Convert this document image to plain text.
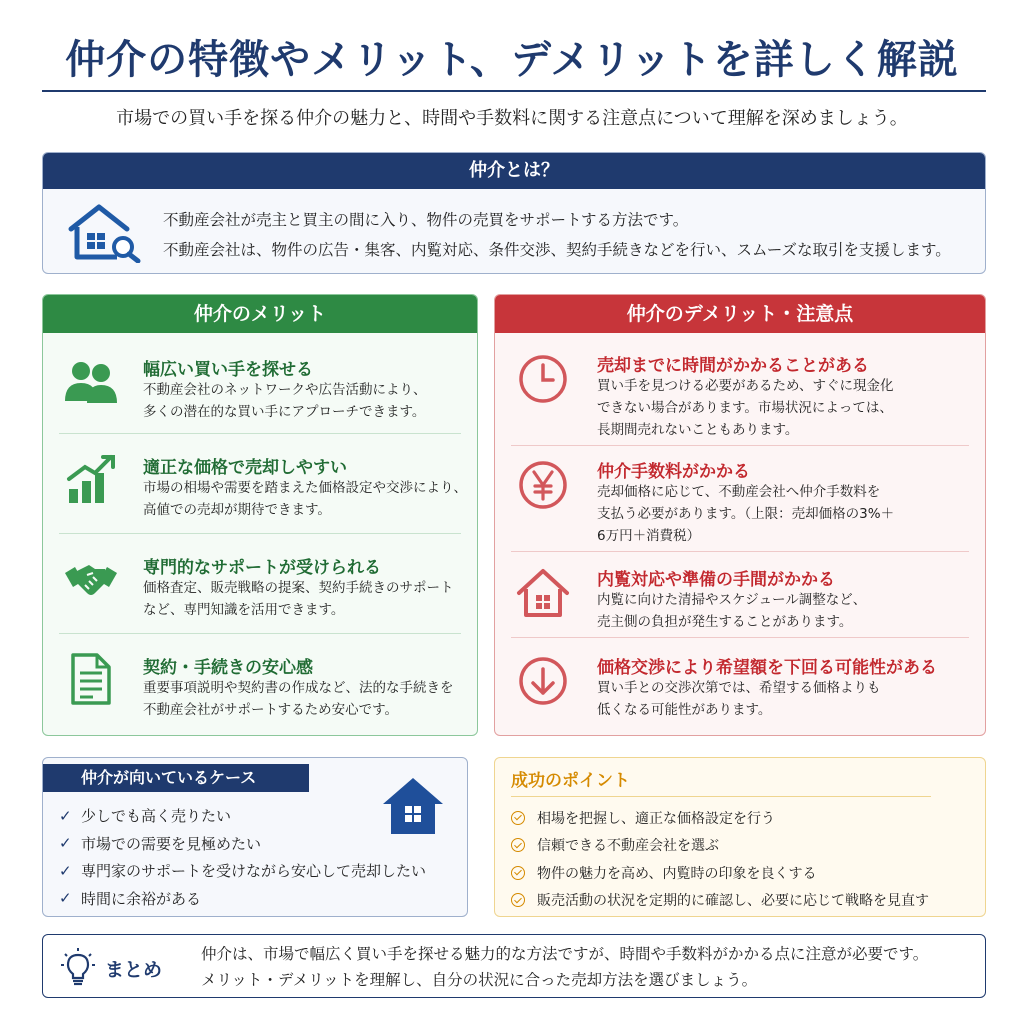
仲介の特徴やメリット、デメリットを詳しく解説
市場での買い手を探る仲介の魅力と、時間や手数料に関する注意点について理解を深めましょう。
仲介とは？
不動産会社が売主と買主の間に入り、物件の売買をサポートする方法です。
不動産会社は、物件の広告・集客、内覧対応、条件交渉、契約手続きなどを行い、スムーズな取引を支援します。
仲介のメリット
幅広い買い手を探せる
不動産会社のネットワークや広告活動により、
多くの潜在的な買い手にアプローチできます。
適正な価格で売却しやすい
市場の相場や需要を踏まえた価格設定や交渉により、
高値での売却が期待できます。
専門的なサポートが受けられる
価格査定、販売戦略の提案、契約手続きのサポート
など、専門知識を活用できます。
契約・手続きの安心感
重要事項説明や契約書の作成など、法的な手続きを
不動産会社がサポートするため安心です。
仲介のデメリット・注意点
売却までに時間がかかることがある
買い手を見つける必要があるため、すぐに現金化
できない場合があります。市場状況によっては、
長期間売れないこともあります。
仲介手数料がかかる
売却価格に応じて、不動産会社へ仲介手数料を
支払う必要があります。（上限：売却価格の3%＋
6万円＋消費税）
内覧対応や準備の手間がかかる
内覧に向けた清掃やスケジュール調整など、
売主側の負担が発生することがあります。
価格交渉により希望額を下回る可能性がある
買い手との交渉次第では、希望する価格よりも
低くなる可能性があります。
仲介が向いているケース
✓ 少しでも高く売りたい
✓ 市場での需要を見極めたい
✓ 専門家のサポートを受けながら安心して売却したい
✓ 時間に余裕がある
成功のポイント
相場を把握し、適正な価格設定を行う
信頼できる不動産会社を選ぶ
物件の魅力を高め、内覧時の印象を良くする
販売活動の状況を定期的に確認し、必要に応じて戦略を見直す
まとめ
仲介は、市場で幅広く買い手を探せる魅力的な方法ですが、時間や手数料がかかる点に注意が必要です。
メリット・デメリットを理解し、自分の状況に合った売却方法を選びましょう。
